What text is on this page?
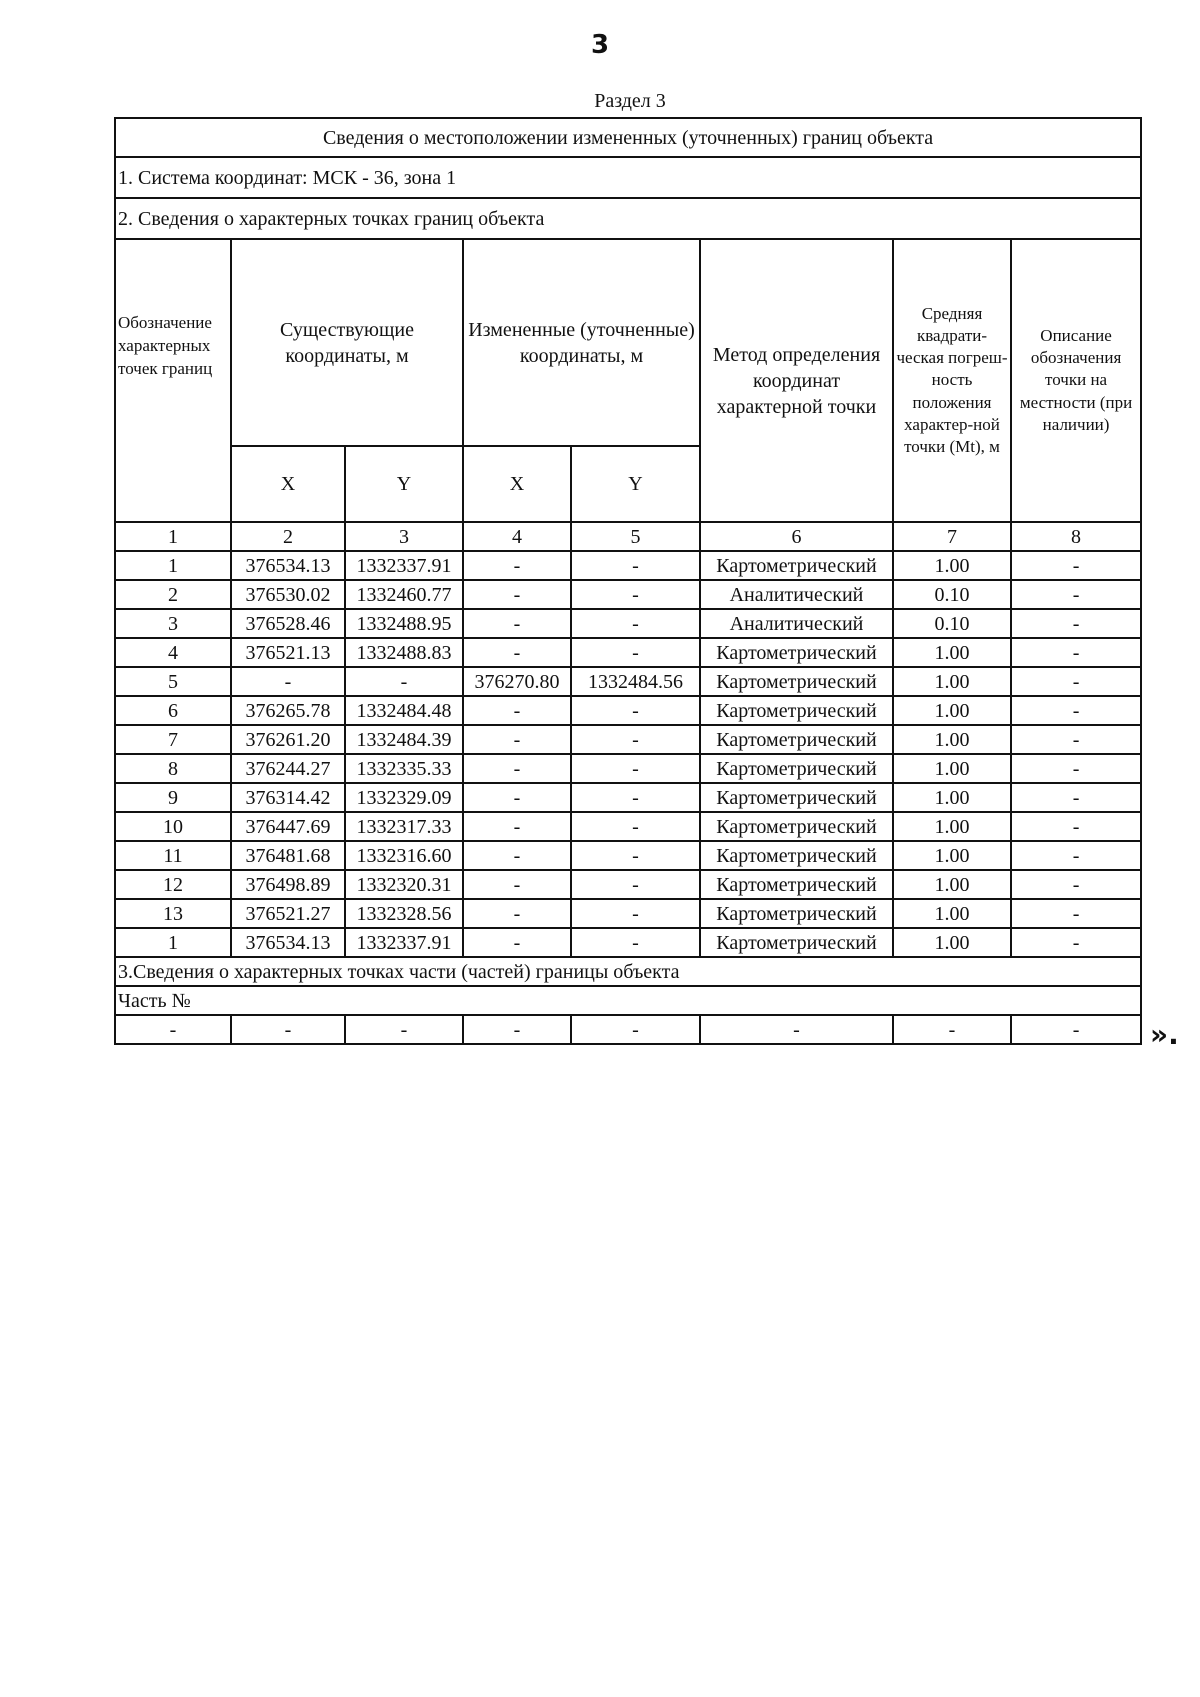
3
Раздел 3
Сведения о местоположении измененных (уточненных) границ объекта							
1. Система координат: МСК - 36, зона 1							
2. Сведения о характерных точках границ объекта							
Обозначение характерных точек границ	Существующие координаты, м		Измененные (уточненные) координаты, м		Метод определения координат характерной точки	Средняя квадрати-ческая погреш-ность положения характер-ной точки (Mt), м	Описание обозначения точки на местности (при наличии)
	X	Y	X	Y			
1	2	3	4	5	6	7	8
1	376534.13	1332337.91	-	-	Картометрический	1.00	-
2	376530.02	1332460.77	-	-	Аналитический	0.10	-
3	376528.46	1332488.95	-	-	Аналитический	0.10	-
4	376521.13	1332488.83	-	-	Картометрический	1.00	-
5	-	-	376270.80	1332484.56	Картометрический	1.00	-
6	376265.78	1332484.48	-	-	Картометрический	1.00	-
7	376261.20	1332484.39	-	-	Картометрический	1.00	-
8	376244.27	1332335.33	-	-	Картометрический	1.00	-
9	376314.42	1332329.09	-	-	Картометрический	1.00	-
10	376447.69	1332317.33	-	-	Картометрический	1.00	-
11	376481.68	1332316.60	-	-	Картометрический	1.00	-
12	376498.89	1332320.31	-	-	Картометрический	1.00	-
13	376521.27	1332328.56	-	-	Картометрический	1.00	-
1	376534.13	1332337.91	-	-	Картометрический	1.00	-
3.Сведения о характерных точках части (частей) границы объекта							
Часть №							
-	-	-	-	-	-	-	-	».
